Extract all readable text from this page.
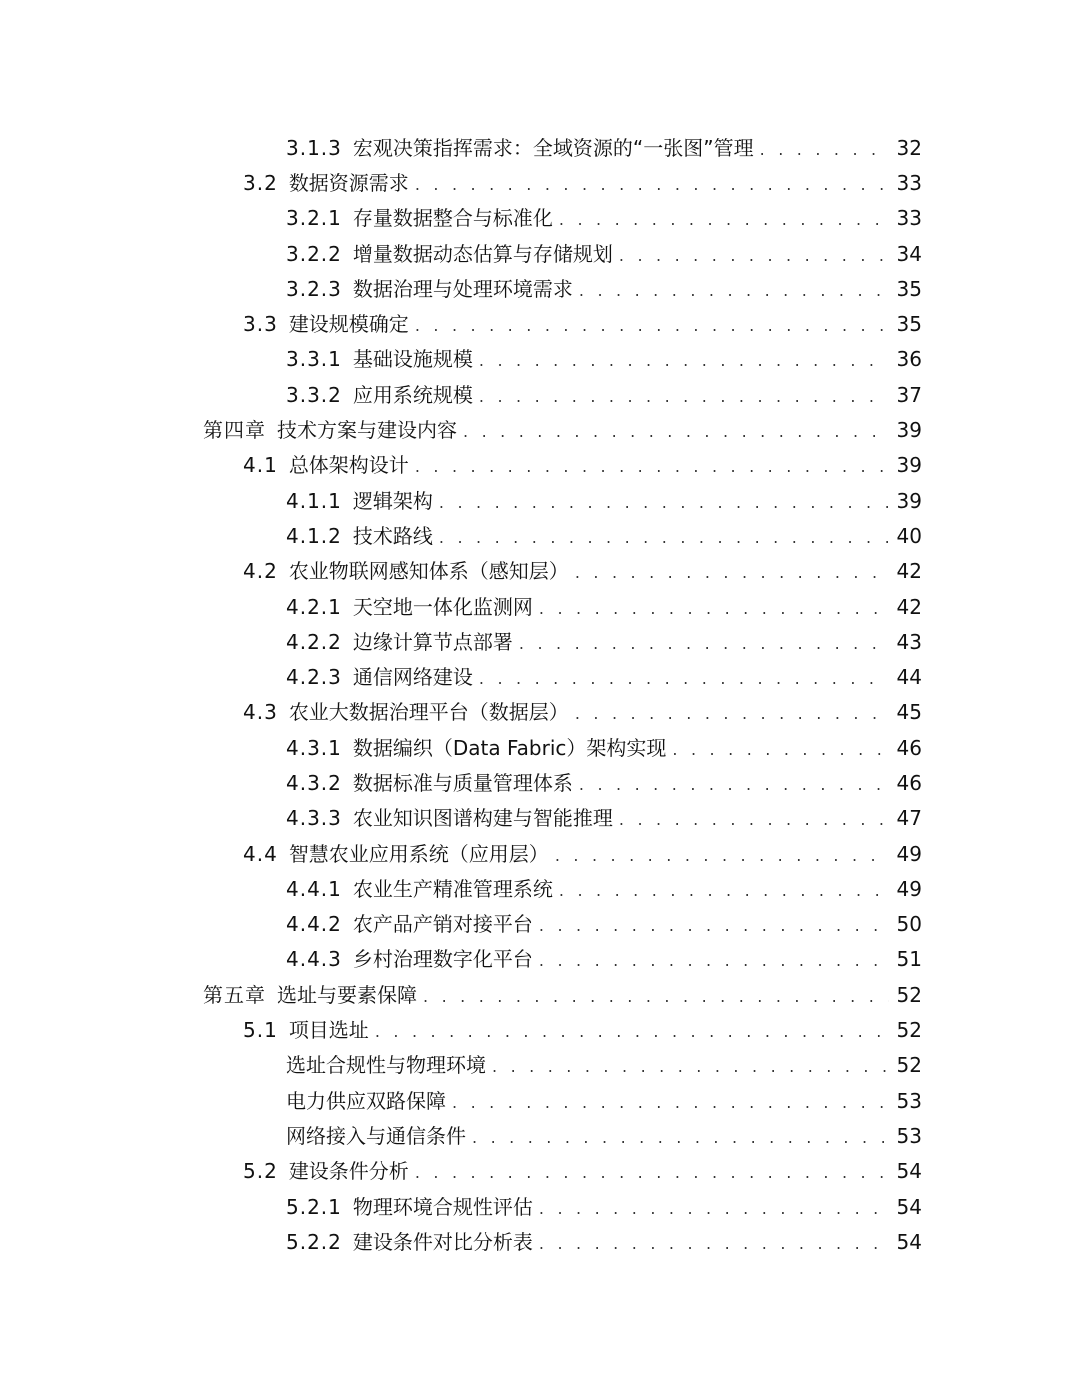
3.1.3 宏观决策指挥需求：全域资源的“一张图”管理 . . .	32
3.2 数据资源需求 . . .	33
3.2.1 存量数据整合与标准化 . . .	33
3.2.2 增量数据动态估算与存储规划 . . .	34
3.2.3 数据治理与处理环境需求 . . .	35
3.3 建设规模确定 . . .	35
3.3.1 基础设施规模 . . .	36
3.3.2 应用系统规模 . . .	37
第四章 技术方案与建设内容 . . .	39
4.1 总体架构设计 . . .	39
4.1.1 逻辑架构 . . .	39
4.1.2 技术路线 . . .	40
4.2 农业物联网感知体系（感知层） . . .	42
4.2.1 天空地一体化监测网 . . .	42
4.2.2 边缘计算节点部署 . . .	43
4.2.3 通信网络建设 . . .	44
4.3 农业大数据治理平台（数据层） . . .	45
4.3.1 数据编织（Data Fabric）架构实现 . . .	46
4.3.2 数据标准与质量管理体系 . . .	46
4.3.3 农业知识图谱构建与智能推理 . . .	47
4.4 智慧农业应用系统（应用层） . . .	49
4.4.1 农业生产精准管理系统 . . .	49
4.4.2 农产品产销对接平台 . . .	50
4.4.3 乡村治理数字化平台 . . .	51
第五章 选址与要素保障 . . .	52
5.1 项目选址 . . .	52
选址合规性与物理环境 . . .	52
电力供应双路保障 . . .	53
网络接入与通信条件 . . .	53
5.2 建设条件分析 . . .	54
5.2.1 物理环境合规性评估 . . .	54
5.2.2 建设条件对比分析表 . . .	54
